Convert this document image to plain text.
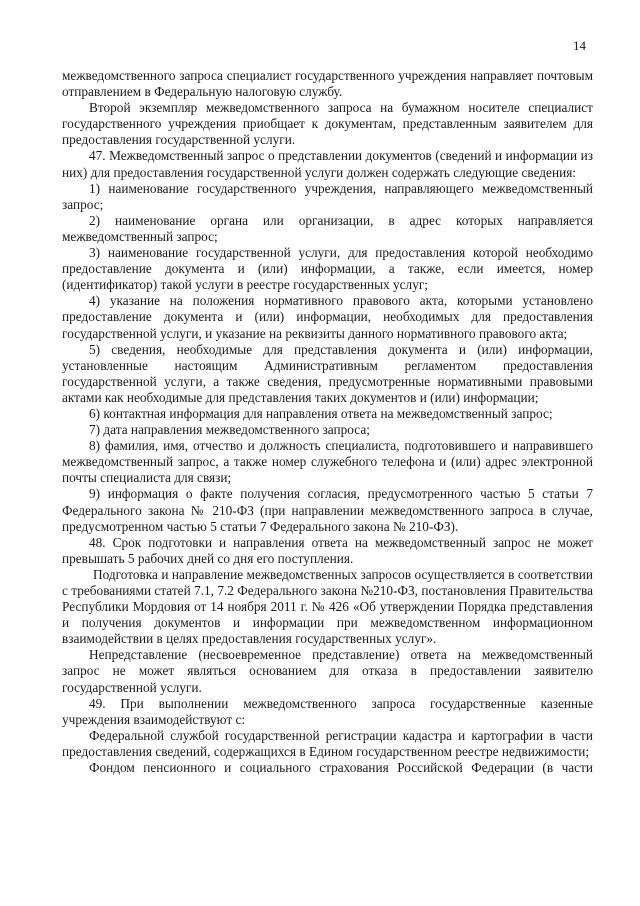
14

межведомственного запроса специалист государственного учреждения направляет почтовым отправлением в Федеральную налоговую службу.

Второй экземпляр межведомственного запроса на бумажном носителе специалист государственного учреждения приобщает к документам, представленным заявителем для предоставления государственной услуги.

47. Межведомственный запрос о представлении документов (сведений и информации из них) для предоставления государственной услуги должен содержать следующие сведения:

1) наименование государственного учреждения, направляющего межведомственный запрос;

2) наименование органа или организации, в адрес которых направляется межведомственный запрос;

3) наименование государственной услуги, для предоставления которой необходимо предоставление документа и (или) информации, а также, если имеется, номер (идентификатор) такой услуги в реестре государственных услуг;

4) указание на положения нормативного правового акта, которыми установлено предоставление документа и (или) информации, необходимых для предоставления государственной услуги, и указание на реквизиты данного нормативного правового акта;

5) сведения, необходимые для представления документа и (или) информации, установленные настоящим Административным регламентом предоставления государственной услуги, а также сведения, предусмотренные нормативными правовыми актами как необходимые для представления таких документов и (или) информации;

6) контактная информация для направления ответа на межведомственный запрос;

7) дата направления межведомственного запроса;

8) фамилия, имя, отчество и должность специалиста, подготовившего и направившего межведомственный запрос, а также номер служебного телефона и (или) адрес электронной почты специалиста для связи;

9) информация о факте получения согласия, предусмотренного частью 5 статьи 7 Федерального закона № 210-ФЗ (при направлении межведомственного запроса в случае, предусмотренном частью 5 статьи 7 Федерального закона № 210-ФЗ).

48. Срок подготовки и направления ответа на межведомственный запрос не может превышать 5 рабочих дней со дня его поступления.

Подготовка и направление межведомственных запросов осуществляется в соответствии с требованиями статей 7.1, 7.2 Федерального закона №210-ФЗ, постановления Правительства Республики Мордовия от 14 ноября 2011 г. № 426 «Об утверждении Порядка представления и получения документов и информации при межведомственном информационном взаимодействии в целях предоставления государственных услуг».

Непредставление (несвоевременное представление) ответа на межведомственный запрос не может являться основанием для отказа в предоставлении заявителю государственной услуги.

49. При выполнении межведомственного запроса государственные казенные учреждения взаимодействуют с:

Федеральной службой государственной регистрации кадастра и картографии в части предоставления сведений, содержащихся в Едином государственном реестре недвижимости;

Фондом пенсионного и социального страхования Российской Федерации (в части
